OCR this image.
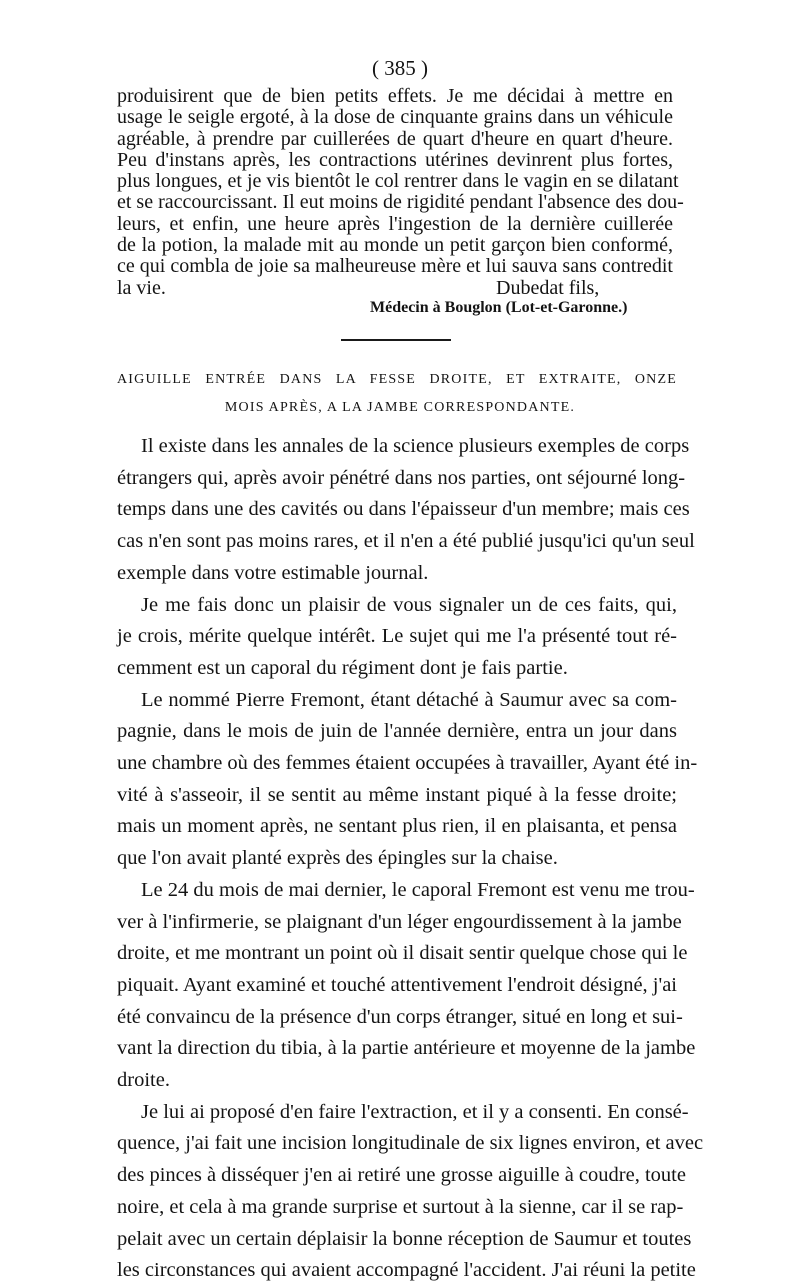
( 385 )
produisirent que de bien petits effets. Je me décidai à mettre en
usage le seigle ergoté, à la dose de cinquante grains dans un véhicule
agréable, à prendre par cuillerées de quart d'heure en quart d'heure.
Peu d'instans après, les contractions utérines devinrent plus fortes,
plus longues, et je vis bientôt le col rentrer dans le vagin en se dilatant
et se raccourcissant. Il eut moins de rigidité pendant l'absence des dou-
leurs, et enfin, une heure après l'ingestion de la dernière cuillerée
de la potion, la malade mit au monde un petit garçon bien conformé,
ce qui combla de joie sa malheureuse mère et lui sauva sans contredit
la vie.	Dubedat fils,
Médecin à Bouglon (Lot-et-Garonne.)
AIGUILLE ENTRÉE DANS LA FESSE DROITE, ET EXTRAITE, ONZE
MOIS APRÈS, A LA JAMBE CORRESPONDANTE.
Il existe dans les annales de la science plusieurs exemples de corps
étrangers qui, après avoir pénétré dans nos parties, ont séjourné long-
temps dans une des cavités ou dans l'épaisseur d'un membre; mais ces
cas n'en sont pas moins rares, et il n'en a été publié jusqu'ici qu'un seul
exemple dans votre estimable journal.
Je me fais donc un plaisir de vous signaler un de ces faits, qui,
je crois, mérite quelque intérêt. Le sujet qui me l'a présenté tout ré-
cemment est un caporal du régiment dont je fais partie.
Le nommé Pierre Fremont, étant détaché à Saumur avec sa com-
pagnie, dans le mois de juin de l'année dernière, entra un jour dans
une chambre où des femmes étaient occupées à travailler, Ayant été in-
vité à s'asseoir, il se sentit au même instant piqué à la fesse droite;
mais un moment après, ne sentant plus rien, il en plaisanta, et pensa
que l'on avait planté exprès des épingles sur la chaise.
Le 24 du mois de mai dernier, le caporal Fremont est venu me trou-
ver à l'infirmerie, se plaignant d'un léger engourdissement à la jambe
droite, et me montrant un point où il disait sentir quelque chose qui le
piquait. Ayant examiné et touché attentivement l'endroit désigné, j'ai
été convaincu de la présence d'un corps étranger, situé en long et sui-
vant la direction du tibia, à la partie antérieure et moyenne de la jambe
droite.
Je lui ai proposé d'en faire l'extraction, et il y a consenti. En consé-
quence, j'ai fait une incision longitudinale de six lignes environ, et avec
des pinces à disséquer j'en ai retiré une grosse aiguille à coudre, toute
noire, et cela à ma grande surprise et surtout à la sienne, car il se rap-
pelait avec un certain déplaisir la bonne réception de Saumur et toutes
les circonstances qui avaient accompagné l'accident. J'ai réuni la petite
